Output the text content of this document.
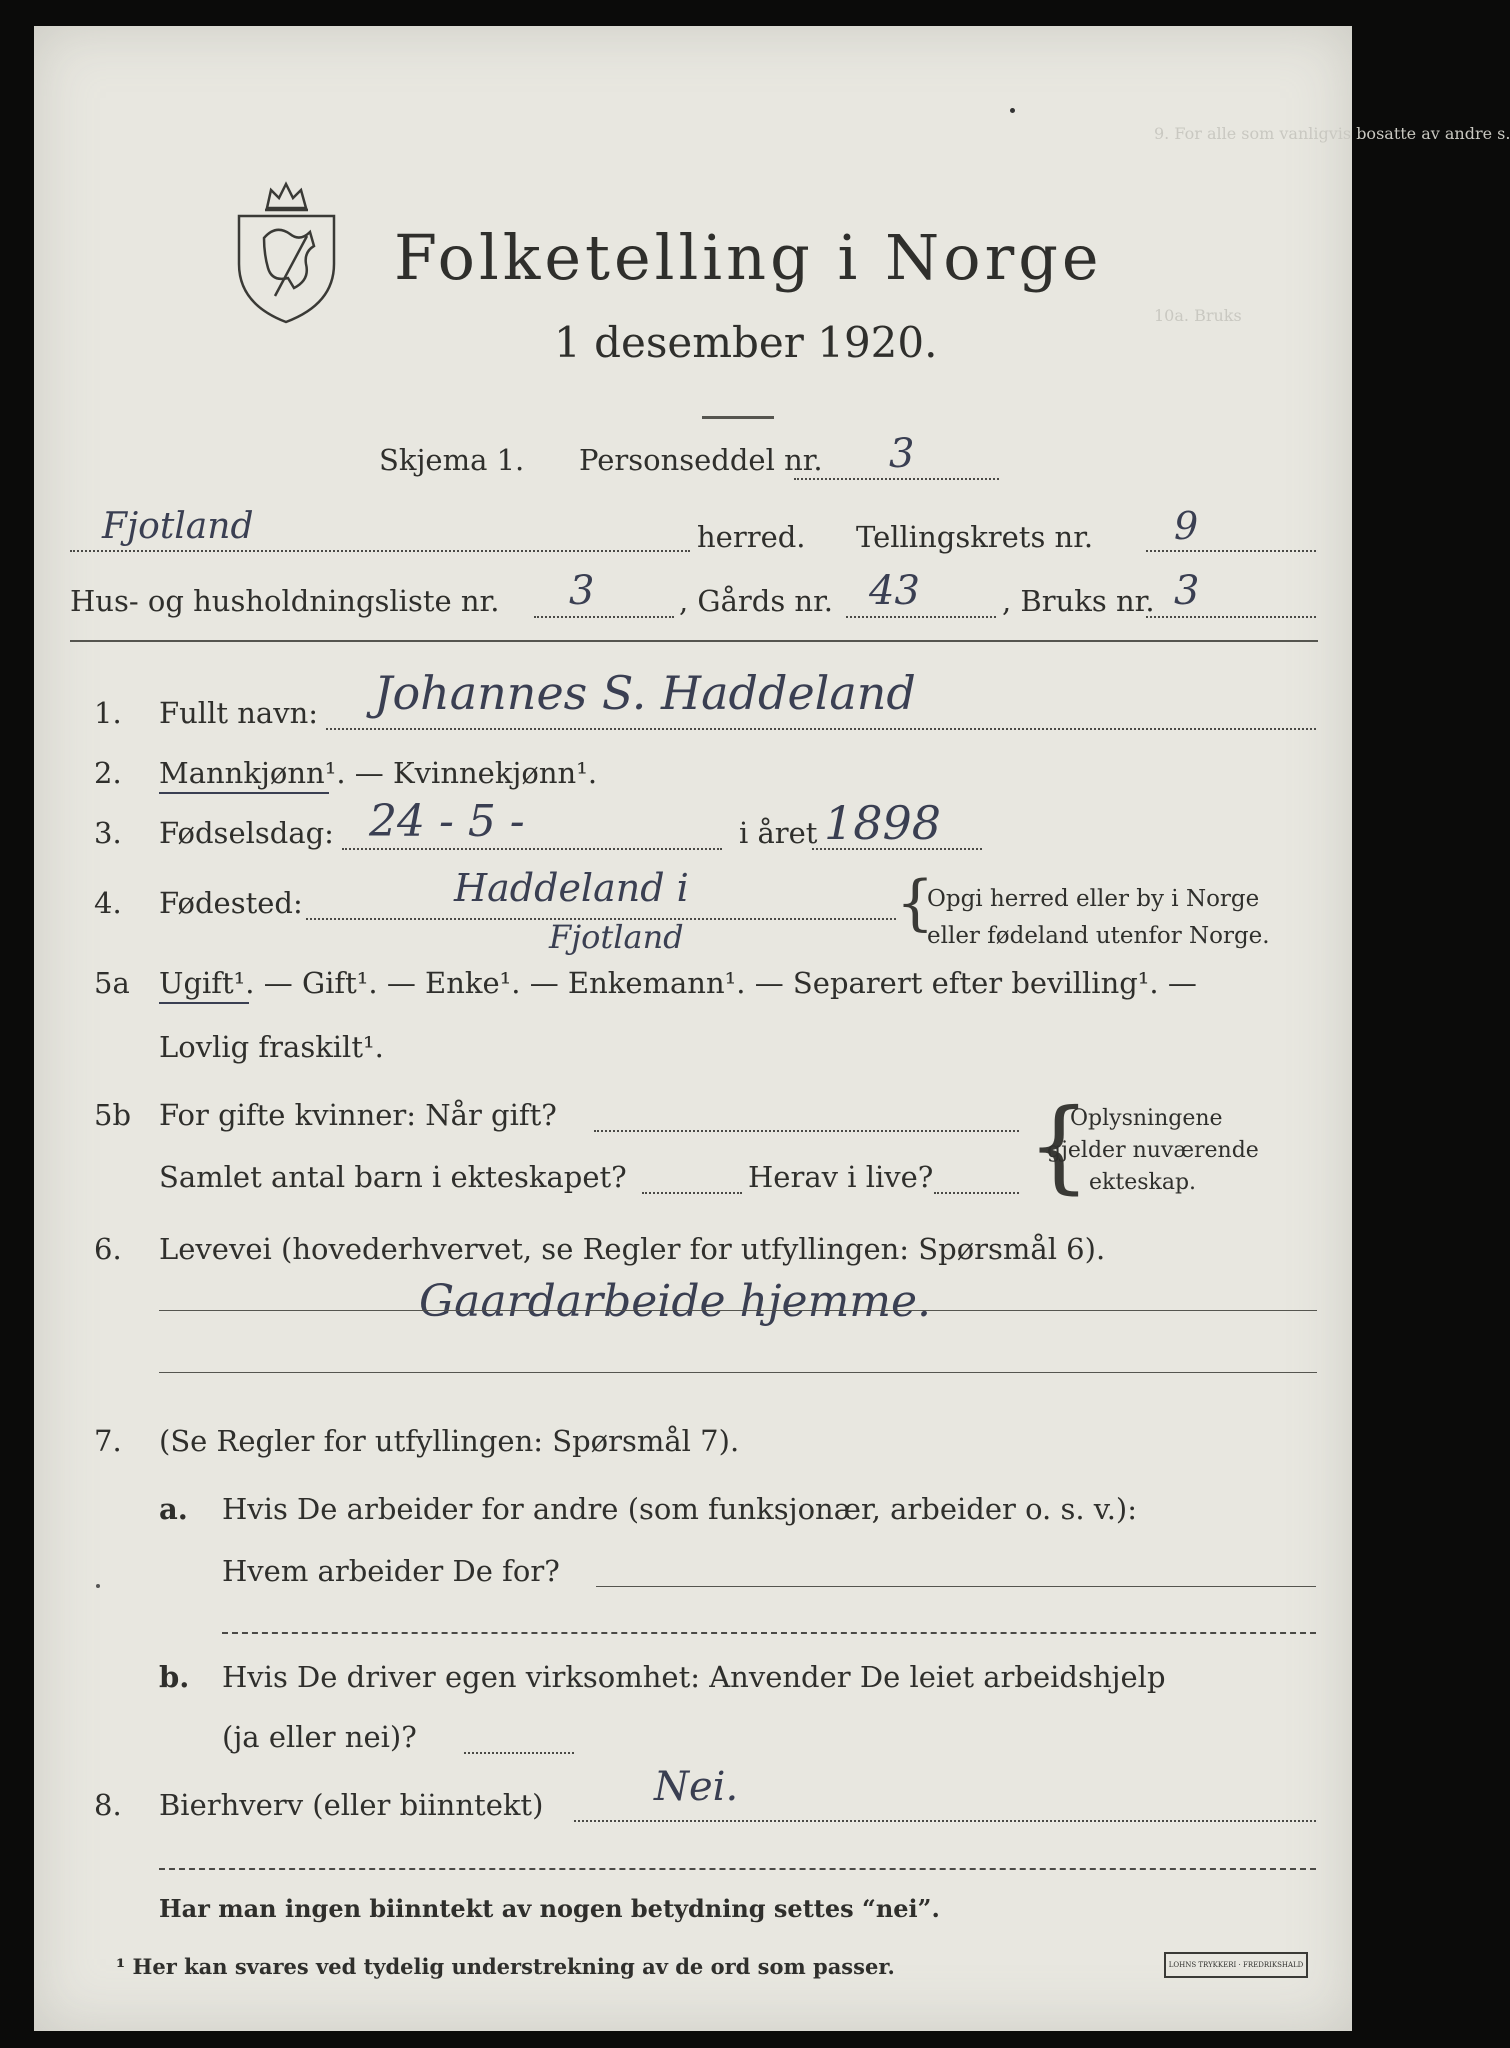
9. For alle som vanligvis bosatte av andre s.
10a. Bruks
Folketelling i Norge
1 desember 1920.
Skjema 1. Personseddel nr. 3
Fjotland	herred. Tellingskrets nr. 9
Hus- og husholdningsliste nr. 3	, Gårds nr. 43	, Bruks nr. 3
1. Fullt navn: Johannes S. Haddeland
2. Mannkjønn¹. — Kvinnekjønn¹.
3. Fødselsdag: 24 - 5 -	i året 1898
4. Fødested:	Haddeland i
Fjotland	{
Opgi herred eller by i Norge
eller fødeland utenfor Norge.
5a Ugift¹. — Gift¹. — Enke¹. — Enkemann¹. — Separert efter bevilling¹. —
Lovlig fraskilt¹.
5b For gifte kvinner: Når gift?
Samlet antal barn i ekteskapet?	Herav i live? {
Oplysningene
gjelder nuværende
ekteskap.
6. Levevei (hovederhvervet, se Regler for utfyllingen: Spørsmål 6).
Gaardarbeide hjemme.
7. (Se Regler for utfyllingen: Spørsmål 7).
a. Hvis De arbeider for andre (som funksjonær, arbeider o. s. v.):
Hvem arbeider De for?
b. Hvis De driver egen virksomhet: Anvender De leiet arbeidshjelp
(ja eller nei)?
8. Bierhverv (eller biinntekt)	Nei.
Har man ingen biinntekt av nogen betydning settes “nei”.
¹ Her kan svares ved tydelig understrekning av de ord som passer.	LOHNS TRYKKERI · FREDRIKSHALD
